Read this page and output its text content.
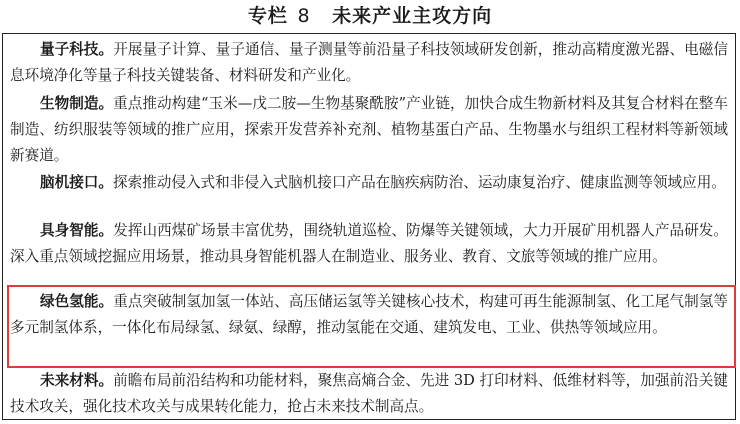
专栏 8 未来产业主攻方向

量子科技。开展量子计算、量子通信、量子测量等前沿量子科技领域研发创新，推动高精度激光器、电磁信息环境净化等量子科技关键装备、材料研发和产业化。

生物制造。重点推动构建“玉米—戊二胺—生物基聚酰胺”产业链，加快合成生物新材料及其复合材料在整车制造、纺织服装等领域的推广应用，探索开发营养补充剂、植物基蛋白产品、生物墨水与组织工程材料等新领域新赛道。

脑机接口。探索推动侵入式和非侵入式脑机接口产品在脑疾病防治、运动康复治疗、健康监测等领域应用。

具身智能。发挥山西煤矿场景丰富优势，围绕轨道巡检、防爆等关键领域，大力开展矿用机器人产品研发。深入重点领域挖掘应用场景，推动具身智能机器人在制造业、服务业、教育、文旅等领域的推广应用。

绿色氢能。重点突破制氢加氢一体站、高压储运氢等关键核心技术，构建可再生能源制氢、化工尾气制氢等多元制氢体系，一体化布局绿氢、绿氨、绿醇，推动氢能在交通、建筑发电、工业、供热等领域应用。

未来材料。前瞻布局前沿结构和功能材料，聚焦高熵合金、先进 3D 打印材料、低维材料等，加强前沿关键技术攻关，强化技术攻关与成果转化能力，抢占未来技术制高点。
